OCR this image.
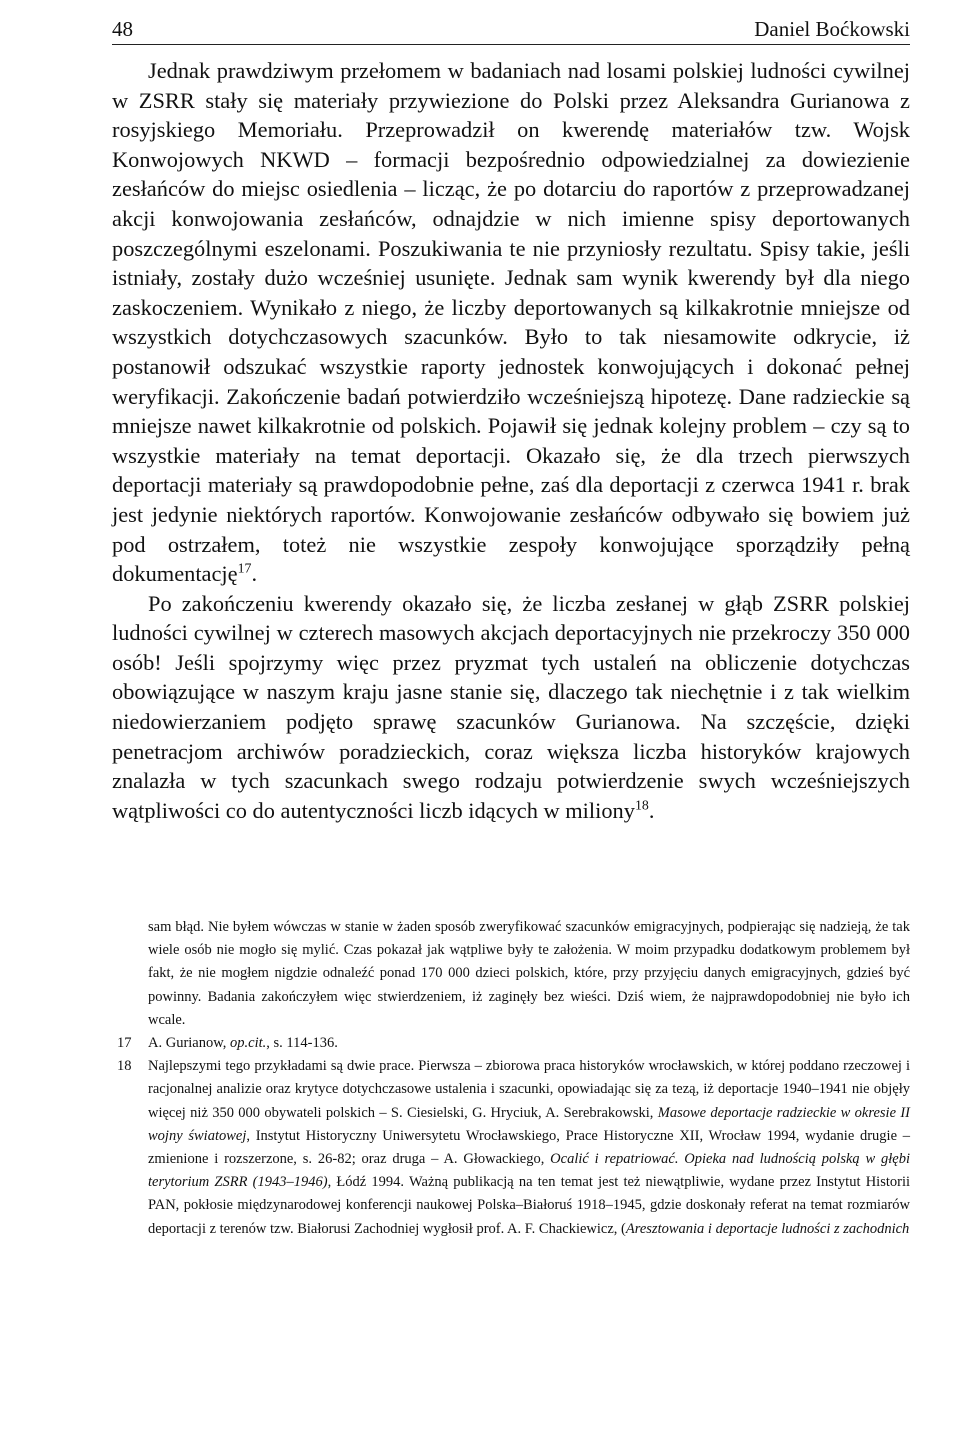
48	Daniel Boćkowski

Jednak prawdziwym przełomem w badaniach nad losami polskiej ludności cywilnej w ZSRR stały się materiały przywiezione do Polski przez Aleksandra Gurianowa z rosyjskiego Memoriału. Przeprowadził on kwerendę materiałów tzw. Wojsk Konwojowych NKWD – formacji bezpośrednio odpowiedzialnej za dowiezienie zesłańców do miejsc osiedlenia – licząc, że po dotarciu do raportów z przeprowadzanej akcji konwojowania zesłańców, odnajdzie w nich imienne spisy deportowanych poszczególnymi eszelonami. Poszukiwania te nie przyniosły rezultatu. Spisy takie, jeśli istniały, zostały dużo wcześniej usunięte. Jednak sam wynik kwerendy był dla niego zaskoczeniem. Wynikało z niego, że liczby deportowanych są kilkakrotnie mniejsze od wszystkich dotychczasowych szacunków. Było to tak niesamowite odkrycie, iż postanowił odszukać wszystkie raporty jednostek konwojujących i dokonać pełnej weryfikacji. Zakończenie badań potwierdziło wcześniejszą hipotezę. Dane radzieckie są mniejsze nawet kilkakrotnie od polskich. Pojawił się jednak kolejny problem – czy są to wszystkie materiały na temat deportacji. Okazało się, że dla trzech pierwszych deportacji materiały są prawdopodobnie pełne, zaś dla deportacji z czerwca 1941 r. brak jest jedynie niektórych raportów. Konwojowanie zesłańców odbywało się bowiem już pod ostrzałem, toteż nie wszystkie zespoły konwojujące sporządziły pełną dokumentację$^{17}$.

Po zakończeniu kwerendy okazało się, że liczba zesłanej w głąb ZSRR polskiej ludności cywilnej w czterech masowych akcjach deportacyjnych nie przekroczy 350 000 osób! Jeśli spojrzymy więc przez pryzmat tych ustaleń na obliczenie dotychczas obowiązujące w naszym kraju jasne stanie się, dlaczego tak niechętnie i z tak wielkim niedowierzaniem podjęto sprawę szacunków Gurianowa. Na szczęście, dzięki penetracjom archiwów poradzieckich, coraz większa liczba historyków krajowych znalazła w tych szacunkach swego rodzaju potwierdzenie swych wcześniejszych wątpliwości co do autentyczności liczb idących w miliony$^{18}$.

sam błąd. Nie byłem wówczas w stanie w żaden sposób zweryfikować szacunków emigracyjnych, podpierając się nadzieją, że tak wiele osób nie mogło się mylić. Czas pokazał jak wątpliwe były te założenia. W moim przypadku dodatkowym problemem był fakt, że nie mogłem nigdzie odnaleźć ponad 170 000 dzieci polskich, które, przy przyjęciu danych emigracyjnych, gdzieś być powinny. Badania zakończyłem więc stwierdzeniem, iż zaginęły bez wieści. Dziś wiem, że najprawdopodobniej nie było ich wcale.
17 A. Gurianow, op.cit., s. 114-136.
18 Najlepszymi tego przykładami są dwie prace. Pierwsza – zbiorowa praca historyków wrocławskich, w której poddano rzeczowej i racjonalnej analizie oraz krytyce dotychczasowe ustalenia i szacunki, opowiadając się za tezą, iż deportacje 1940–1941 nie objęły więcej niż 350 000 obywateli polskich – S. Ciesielski, G. Hryciuk, A. Serebrakowski, Masowe deportacje radzieckie w okresie II wojny światowej, Instytut Historyczny Uniwersytetu Wrocławskiego, Prace Historyczne XII, Wrocław 1994, wydanie drugie – zmienione i rozszerzone, s. 26-82; oraz druga – A. Głowackiego, Ocalić i repatriować. Opieka nad ludnością polską w głębi terytorium ZSRR (1943–1946), Łódź 1994. Ważną publikacją na ten temat jest też niewątpliwie, wydane przez Instytut Historii PAN, pokłosie międzynarodowej konferencji naukowej Polska–Białoruś 1918–1945, gdzie doskonały referat na temat rozmiarów deportacji z terenów tzw. Białorusi Zachodniej wygłosił prof. A. F. Chackiewicz, (Aresztowania i deportacje ludności z zachodnich
